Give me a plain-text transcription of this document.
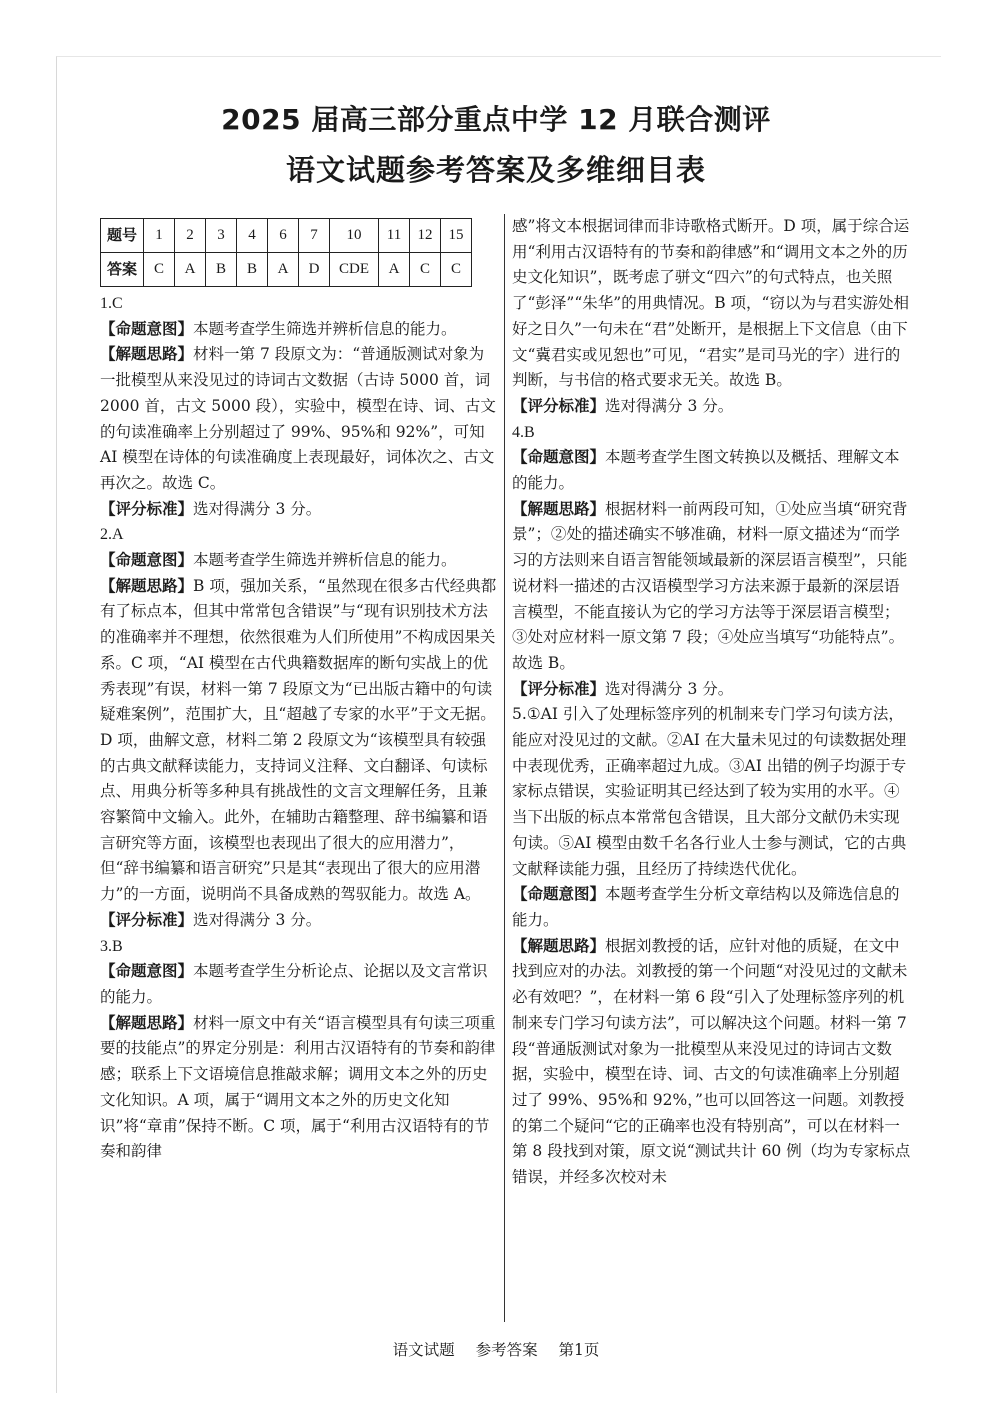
2025 届高三部分重点中学 12 月联合测评
语文试题参考答案及多维细目表
题号	1	2	3	4	6	7	10	11	12	15
答案	C	A	B	B	A	D	CDE	A	C	C
1.C
【命题意图】本题考查学生筛选并辨析信息的能力。
【解题思路】材料一第 7 段原文为：“普通版测试对象为一批模型从来没见过的诗词古文数据（古诗 5000 首，词 2000 首，古文 5000 段），实验中，模型在诗、词、古文的句读准确率上分别超过了 99%、95%和 92%”，可知 AI 模型在诗体的句读准确度上表现最好，词体次之、古文再次之。故选 C。
【评分标准】选对得满分 3 分。
2.A
【命题意图】本题考查学生筛选并辨析信息的能力。
【解题思路】B 项，强加关系，“虽然现在很多古代经典都有了标点本，但其中常常包含错误”与“现有识别技术方法的准确率并不理想，依然很难为人们所使用”不构成因果关系。C 项，“AI 模型在古代典籍数据库的断句实战上的优秀表现”有误，材料一第 7 段原文为“已出版古籍中的句读疑难案例”，范围扩大，且“超越了专家的水平”于文无据。D 项，曲解文意，材料二第 2 段原文为“该模型具有较强的古典文献释读能力，支持词义注释、文白翻译、句读标点、用典分析等多种具有挑战性的文言文理解任务，且兼容繁简中文输入。此外，在辅助古籍整理、辞书编纂和语言研究等方面，该模型也表现出了很大的应用潜力”，但“辞书编纂和语言研究”只是其“表现出了很大的应用潜力”的一方面，说明尚不具备成熟的驾驭能力。故选 A。
【评分标准】选对得满分 3 分。
3.B
【命题意图】本题考查学生分析论点、论据以及文言常识的能力。
【解题思路】材料一原文中有关“语言模型具有句读三项重要的技能点”的界定分别是：利用古汉语特有的节奏和韵律感；联系上下文语境信息推敲求解；调用文本之外的历史文化知识。A 项，属于“调用文本之外的历史文化知识”将“章甫”保持不断。C 项，属于“利用古汉语特有的节奏和韵律
感”将文本根据词律而非诗歌格式断开。D 项，属于综合运用“利用古汉语特有的节奏和韵律感”和“调用文本之外的历史文化知识”，既考虑了骈文“四六”的句式特点，也关照了“彭泽”“朱华”的用典情况。B 项，“窃以为与君实游处相好之日久”一句未在“君”处断开，是根据上下文信息（由下文“冀君实或见恕也”可见，“君实”是司马光的字）进行的判断，与书信的格式要求无关。故选 B。
【评分标准】选对得满分 3 分。
4.B
【命题意图】本题考查学生图文转换以及概括、理解文本的能力。
【解题思路】根据材料一前两段可知，①处应当填“研究背景”；②处的描述确实不够准确，材料一原文描述为“而学习的方法则来自语言智能领域最新的深层语言模型”，只能说材料一描述的古汉语模型学习方法来源于最新的深层语言模型，不能直接认为它的学习方法等于深层语言模型；③处对应材料一原文第 7 段；④处应当填写“功能特点”。故选 B。
【评分标准】选对得满分 3 分。
5.①AI 引入了处理标签序列的机制来专门学习句读方法，能应对没见过的文献。②AI 在大量未见过的句读数据处理中表现优秀，正确率超过九成。③AI 出错的例子均源于专家标点错误，实验证明其已经达到了较为实用的水平。④当下出版的标点本常常包含错误，且大部分文献仍未实现句读。⑤AI 模型由数千名各行业人士参与测试，它的古典文献释读能力强，且经历了持续迭代优化。
【命题意图】本题考查学生分析文章结构以及筛选信息的能力。
【解题思路】根据刘教授的话，应针对他的质疑，在文中找到应对的办法。刘教授的第一个问题“对没见过的文献未必有效吧？”，在材料一第 6 段“引入了处理标签序列的机制来专门学习句读方法”，可以解决这个问题。材料一第 7 段“普通版测试对象为一批模型从来没见过的诗词古文数据，实验中，模型在诗、词、古文的句读准确率上分别超过了 99%、95%和 92%，”也可以回答这一问题。刘教授的第二个疑问“它的正确率也没有特别高”，可以在材料一第 8 段找到对策，原文说“测试共计 60 例（均为专家标点错误，并经多次校对未
语文试题 参考答案 第1页
